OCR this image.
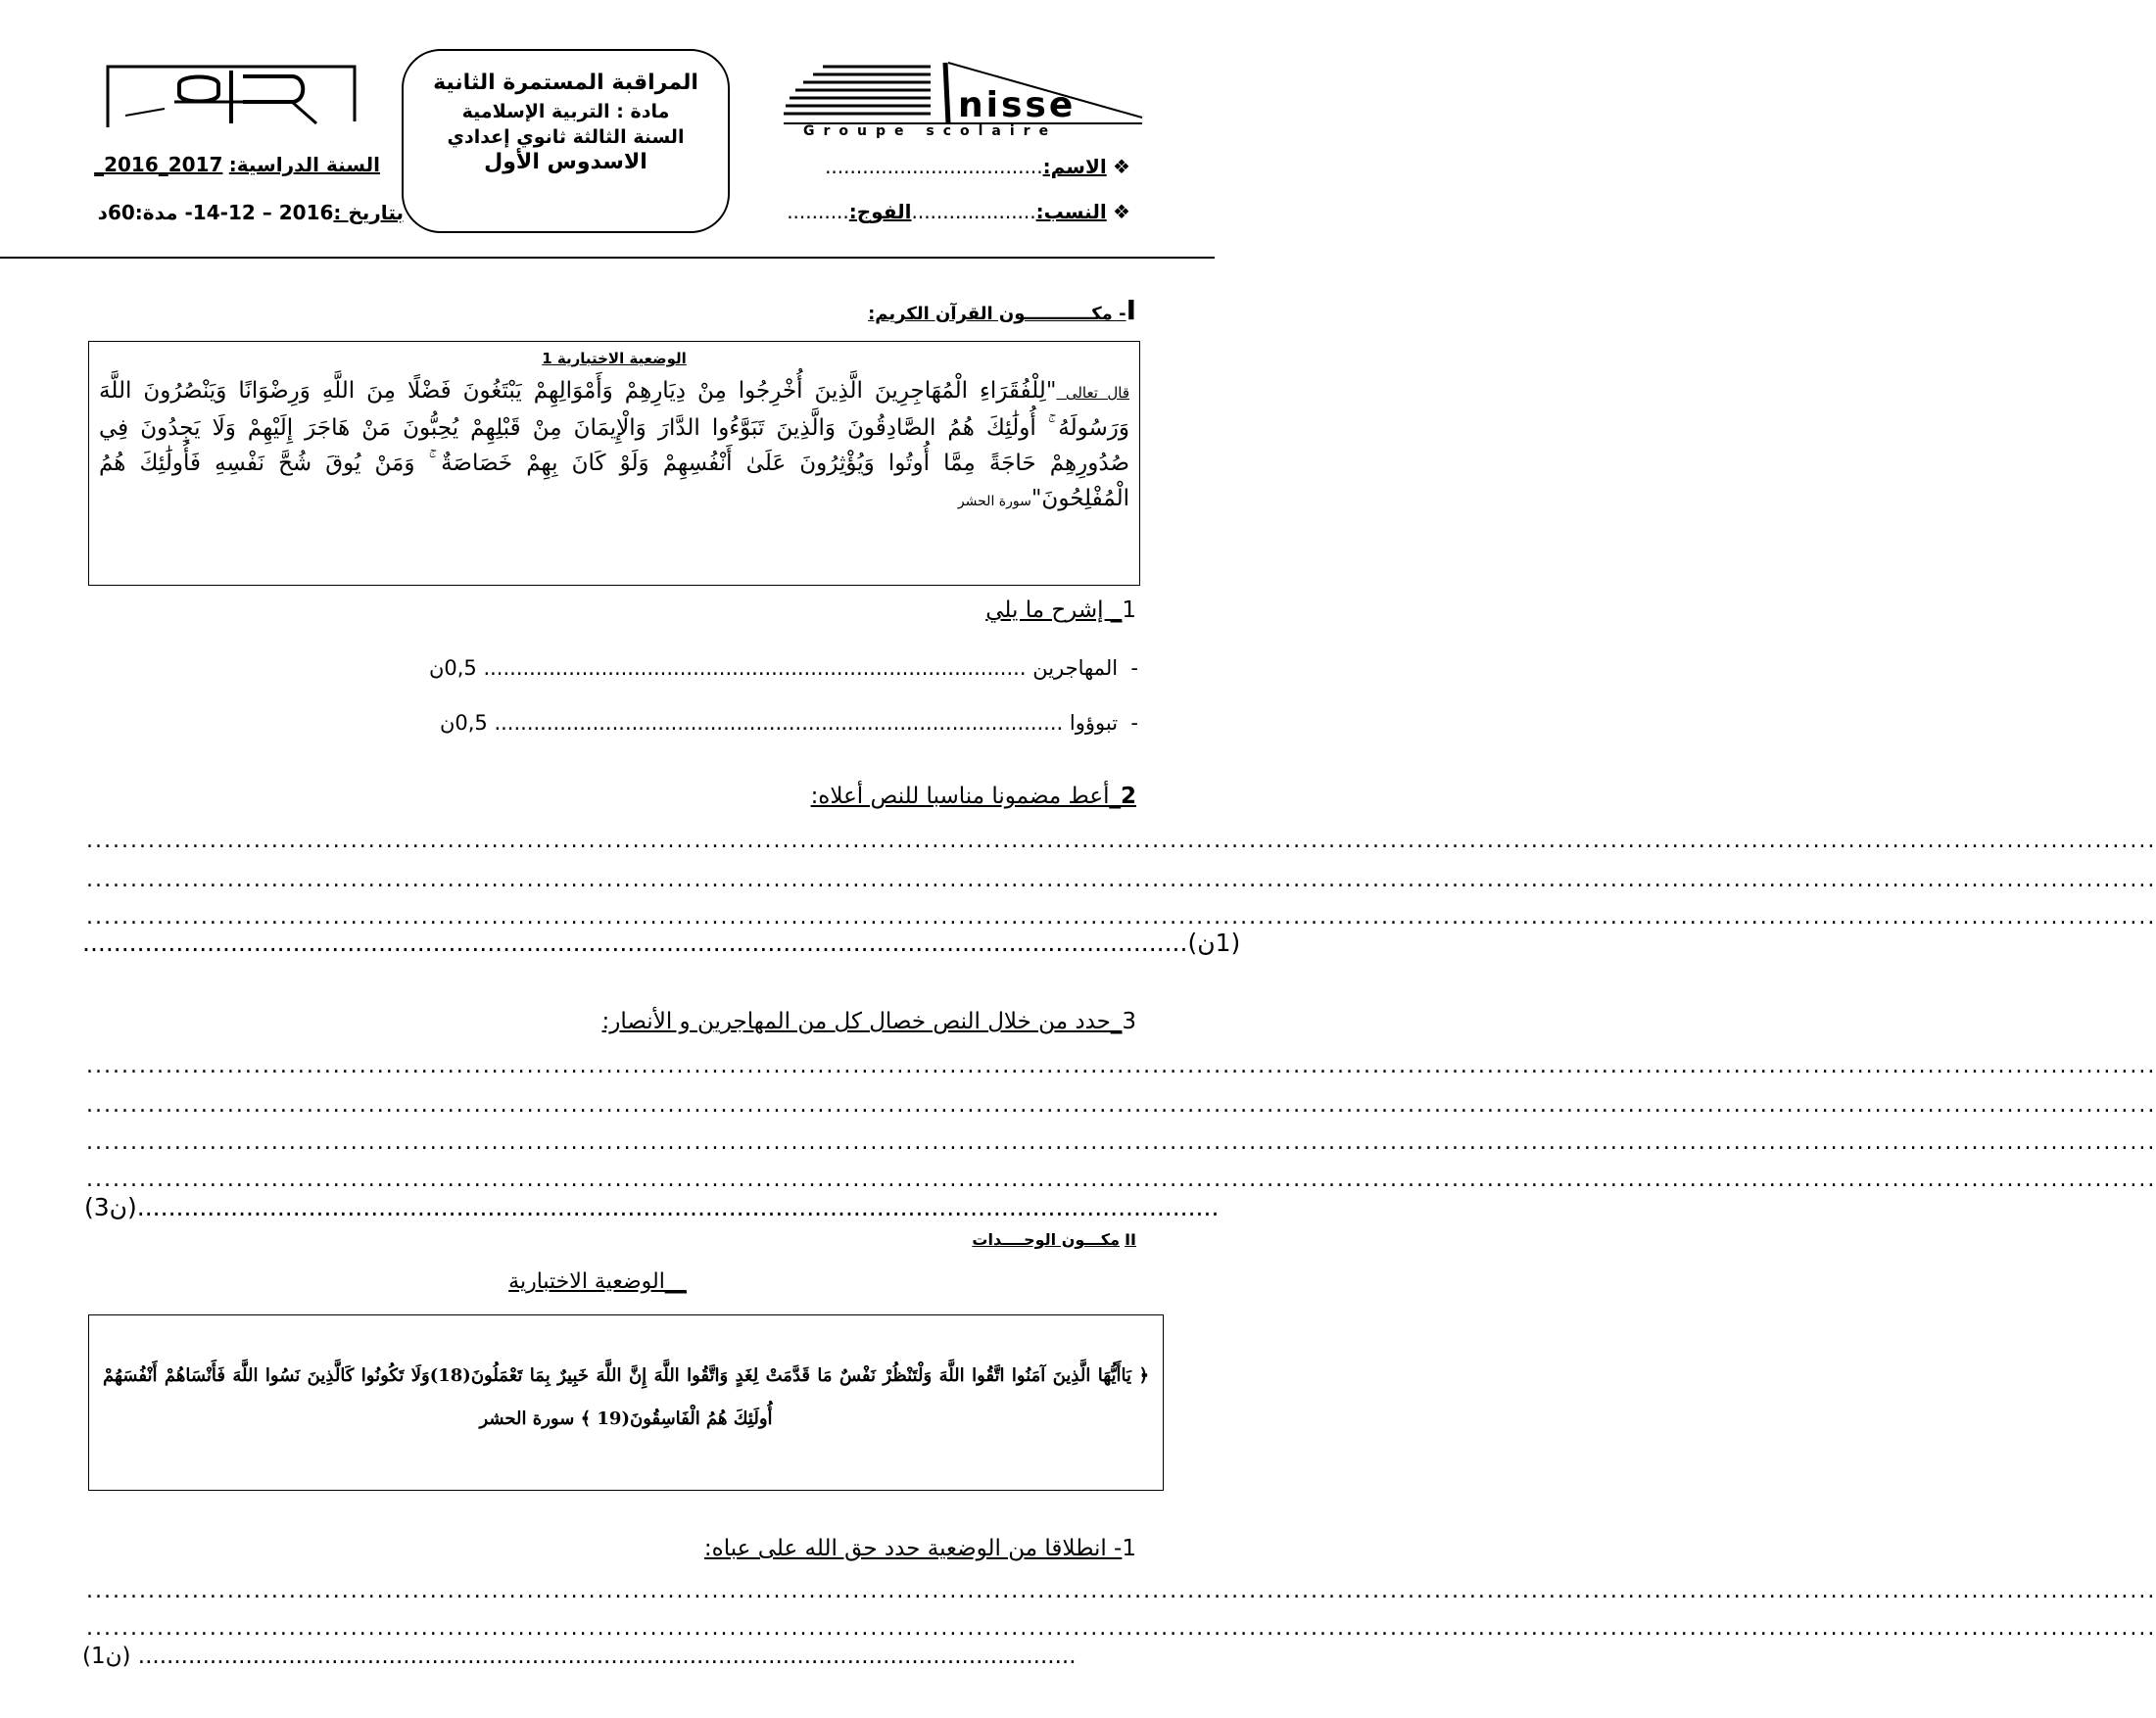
المراقبة المستمرة الثانية
مادة : التربية الإسلامية
السنة الثالثة ثانوي إعدادي
الاسدوس الأول
nisse
Groupe scolaire
❖ الاسم:...................................
❖ النسب:....................الفوج:..........
السنة الدراسية: _2016_2017
بتاريخ :2016 – 12-14- مدة:60د
I- مكـــــــــــون القرآن الكريم:
الوضعية الاختبارية 1
قال تعالى "لِلْفُقَرَاءِ الْمُهَاجِرِينَ الَّذِينَ أُخْرِجُوا مِنْ دِيَارِهِمْ وَأَمْوَالِهِمْ يَبْتَغُونَ فَضْلًا مِنَ اللَّهِ وَرِضْوَانًا وَيَنْصُرُونَ اللَّهَ وَرَسُولَهُ ۚ أُولَٰئِكَ هُمُ الصَّادِقُونَ وَالَّذِينَ تَبَوَّءُوا الدَّارَ وَالْإِيمَانَ مِنْ قَبْلِهِمْ يُحِبُّونَ مَنْ هَاجَرَ إِلَيْهِمْ وَلَا يَجِدُونَ فِي صُدُورِهِمْ حَاجَةً مِمَّا أُوتُوا وَيُؤْثِرُونَ عَلَىٰ أَنْفُسِهِمْ وَلَوْ كَانَ بِهِمْ خَصَاصَةٌ ۚ وَمَنْ يُوقَ شُحَّ نَفْسِهِ فَأُولَٰئِكَ هُمُ الْمُفْلِحُونَ"سورة الحشر
1_ إشرح ما يلي
-  المهاجرين ................................................................................... 0,5ن
-  تبوؤوا ....................................................................................... 0,5ن
2_أعط مضمونا مناسبا للنص أعلاه:
...........................................................................................................................................................................................................................................
...........................................................................................................................................................................................................................................
...........................................................................................................................................................................................................................................
(1ن)..............................................................................................................................................
3_حدد من خلال النص خصال كل من المهاجرين و الأنصار:
...........................................................................................................................................................................................................................................
...........................................................................................................................................................................................................................................
...........................................................................................................................................................................................................................................
...........................................................................................................................................................................................................................................
(3ن)...........................................................................................................................................
II مكـــون الوحــــدات
__الوضعية الاختبارية
﴿ يَاأَيُّهَا الَّذِينَ آمَنُوا اتَّقُوا اللَّهَ وَلْتَنْظُرْ نَفْسٌ مَا قَدَّمَتْ لِغَدٍ وَاتَّقُوا اللَّهَ إِنَّ اللَّهَ خَبِيرٌ بِمَا تَعْمَلُونَ(18)وَلَا تَكُونُوا كَالَّذِينَ نَسُوا اللَّهَ فَأَنْسَاهُمْ أَنْفُسَهُمْ أُولَئِكَ هُمُ الْفَاسِقُونَ(19 ﴾ سورة الحشر
1- انطلاقا من الوضعية حدد حق الله على عباه:
...........................................................................................................................................................................................................................................
...........................................................................................................................................................................................................................................
(1ن) ...................................................................................................................................
